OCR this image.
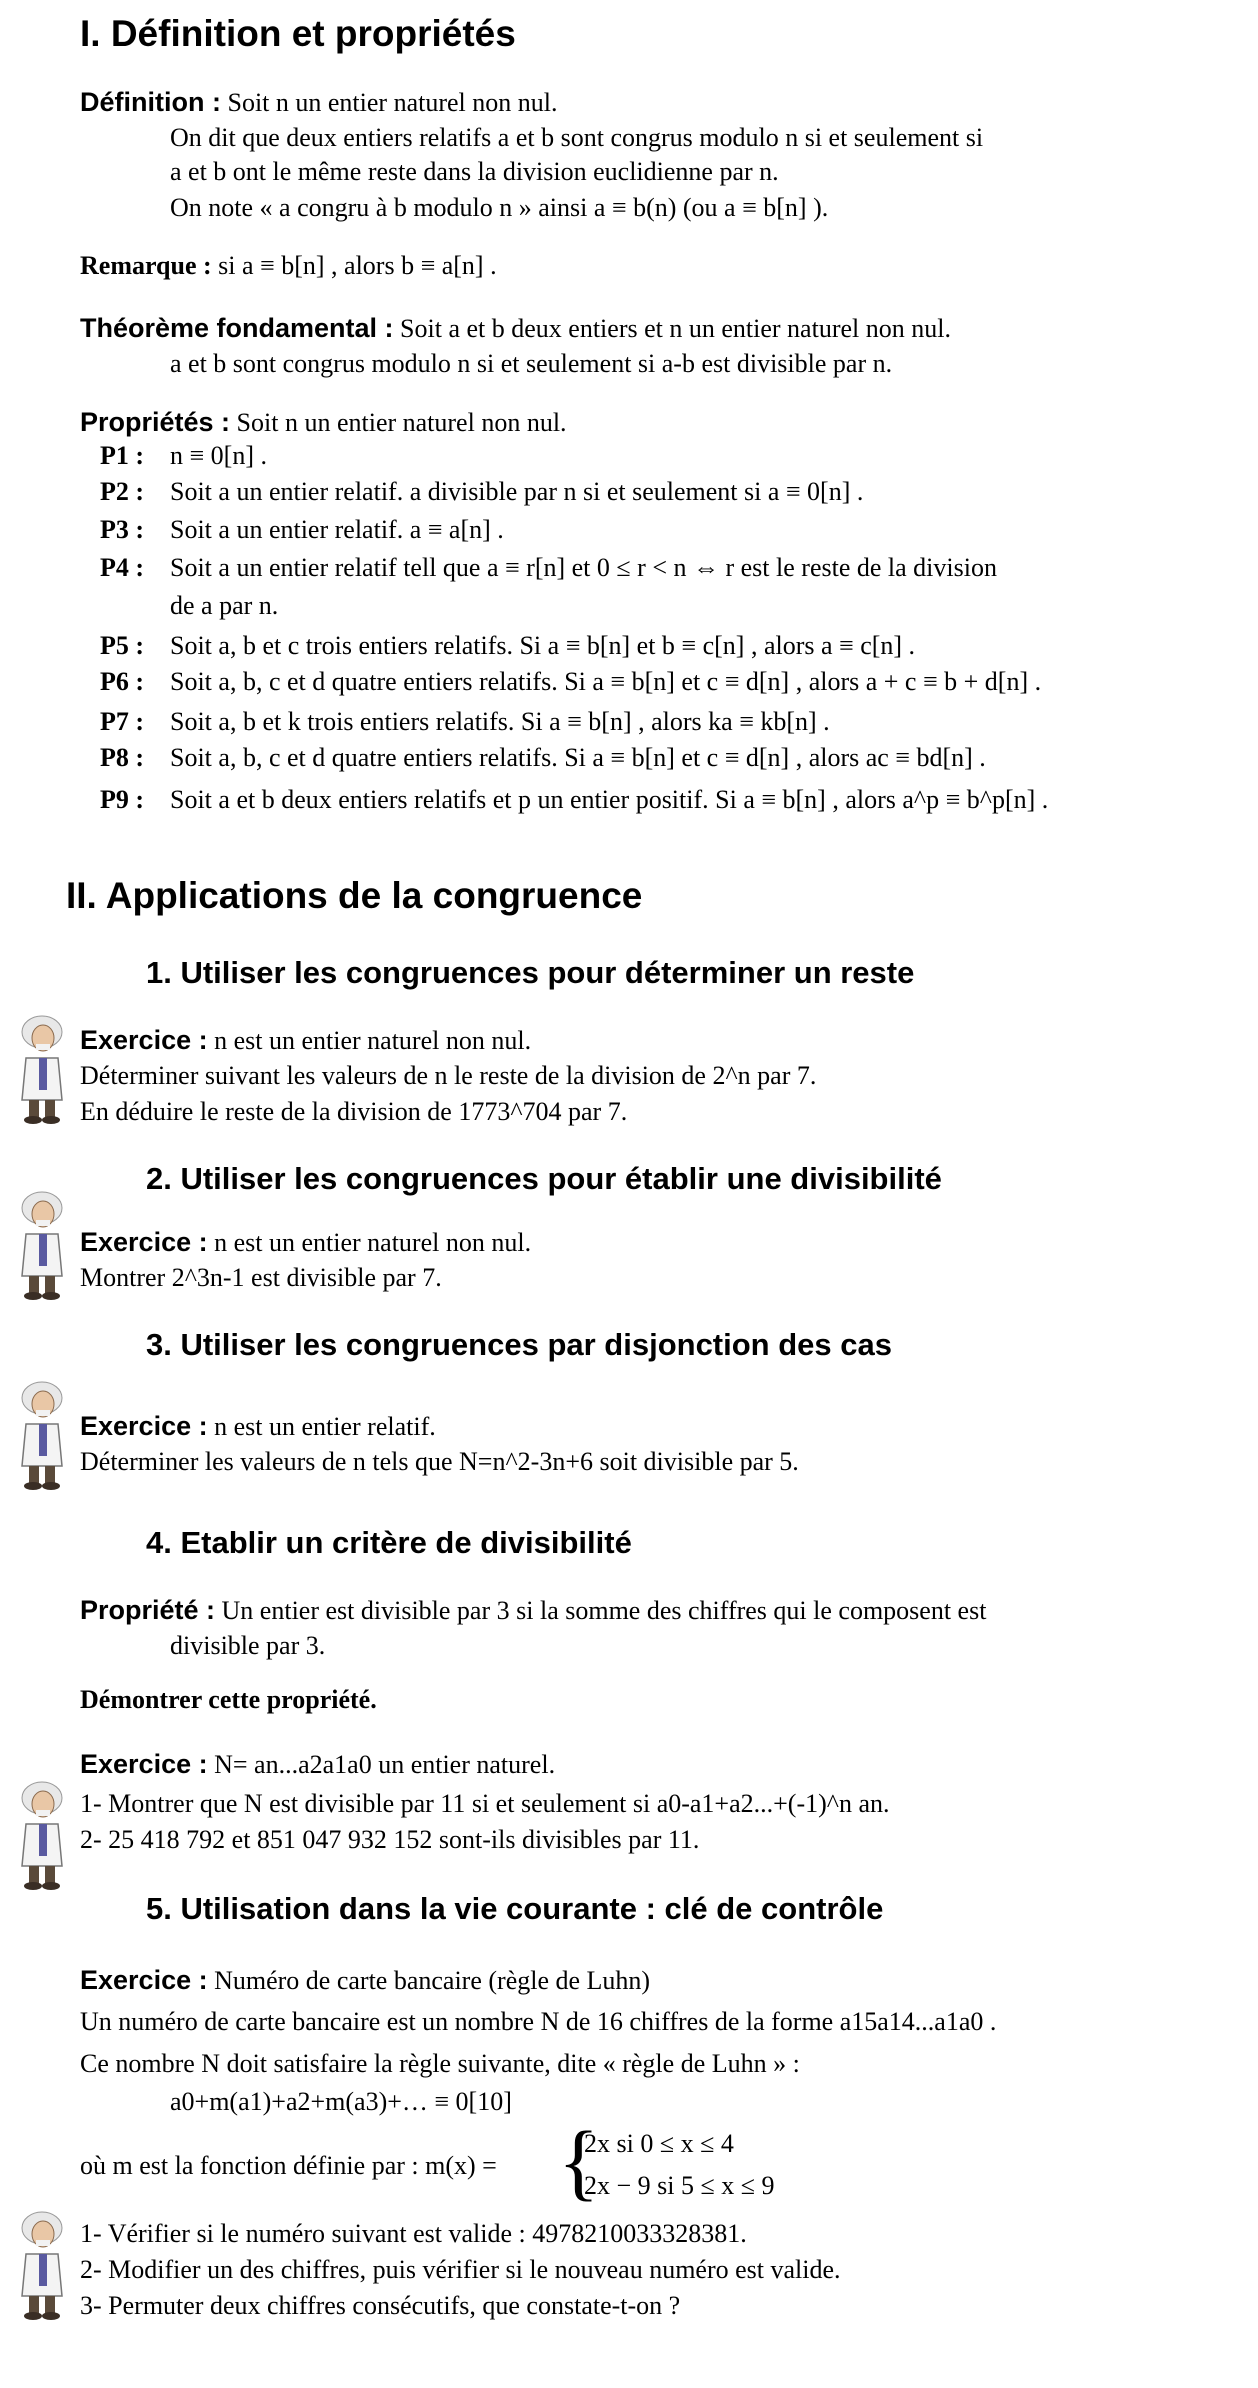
I. Définition et propriétés
Définition : Soit n un entier naturel non nul.
On dit que deux entiers relatifs a et b sont congrus modulo n si et seulement si
a et b ont le même reste dans la division euclidienne par n.
On note « a congru à b modulo n » ainsi a ≡ b(n) (ou a ≡ b[n] ).
Remarque : si a ≡ b[n] , alors b ≡ a[n] .
Théorème fondamental : Soit a et b deux entiers et n un entier naturel non nul.
a et b sont congrus modulo n si et seulement si a-b est divisible par n.
Propriétés : Soit n un entier naturel non nul.
P1 : n ≡ 0[n] .
P2 : Soit a un entier relatif. a divisible par n si et seulement si a ≡ 0[n] .
P3 : Soit a un entier relatif. a ≡ a[n] .
P4 : Soit a un entier relatif tell que a ≡ r[n] et 0 ≤ r < n ⇔ r est le reste de la division
de a par n.
P5 : Soit a, b et c trois entiers relatifs. Si a ≡ b[n] et b ≡ c[n] , alors a ≡ c[n] .
P6 : Soit a, b, c et d quatre entiers relatifs. Si a ≡ b[n] et c ≡ d[n] , alors a + c ≡ b + d[n] .
P7 : Soit a, b et k trois entiers relatifs. Si a ≡ b[n] , alors ka ≡ kb[n] .
P8 : Soit a, b, c et d quatre entiers relatifs. Si a ≡ b[n] et c ≡ d[n] , alors ac ≡ bd[n] .
P9 : Soit a et b deux entiers relatifs et p un entier positif. Si a ≡ b[n] , alors a^p ≡ b^p[n] .
II. Applications de la congruence
1. Utiliser les congruences pour déterminer un reste
Exercice : n est un entier naturel non nul.
Déterminer suivant les valeurs de n le reste de la division de 2^n par 7.
En déduire le reste de la division de 1773^704 par 7.
2. Utiliser les congruences pour établir une divisibilité
Exercice : n est un entier naturel non nul.
Montrer 2^3n-1 est divisible par 7.
3. Utiliser les congruences par disjonction des cas
Exercice : n est un entier relatif.
Déterminer les valeurs de n tels que N=n^2-3n+6 soit divisible par 5.
4. Etablir un critère de divisibilité
Propriété : Un entier est divisible par 3 si la somme des chiffres qui le composent est
divisible par 3.
Démontrer cette propriété.
Exercice : N= an...a2a1a0 un entier naturel.
1- Montrer que N est divisible par 11 si et seulement si a0-a1+a2...+(-1)^n an.
2- 25 418 792 et 851 047 932 152 sont-ils divisibles par 11.
5. Utilisation dans la vie courante : clé de contrôle
Exercice : Numéro de carte bancaire (règle de Luhn)
Un numéro de carte bancaire est un nombre N de 16 chiffres de la forme a15a14...a1a0 .
Ce nombre N doit satisfaire la règle suivante, dite « règle de Luhn » :
a0+m(a1)+a2+m(a3)+… ≡ 0[10]
où m est la fonction définie par : m(x) = {
2x si 0 ≤ x ≤ 4
2x − 9 si 5 ≤ x ≤ 9
1- Vérifier si le numéro suivant est valide : 4978210033328381.
2- Modifier un des chiffres, puis vérifier si le nouveau numéro est valide.
3- Permuter deux chiffres consécutifs, que constate-t-on ?
